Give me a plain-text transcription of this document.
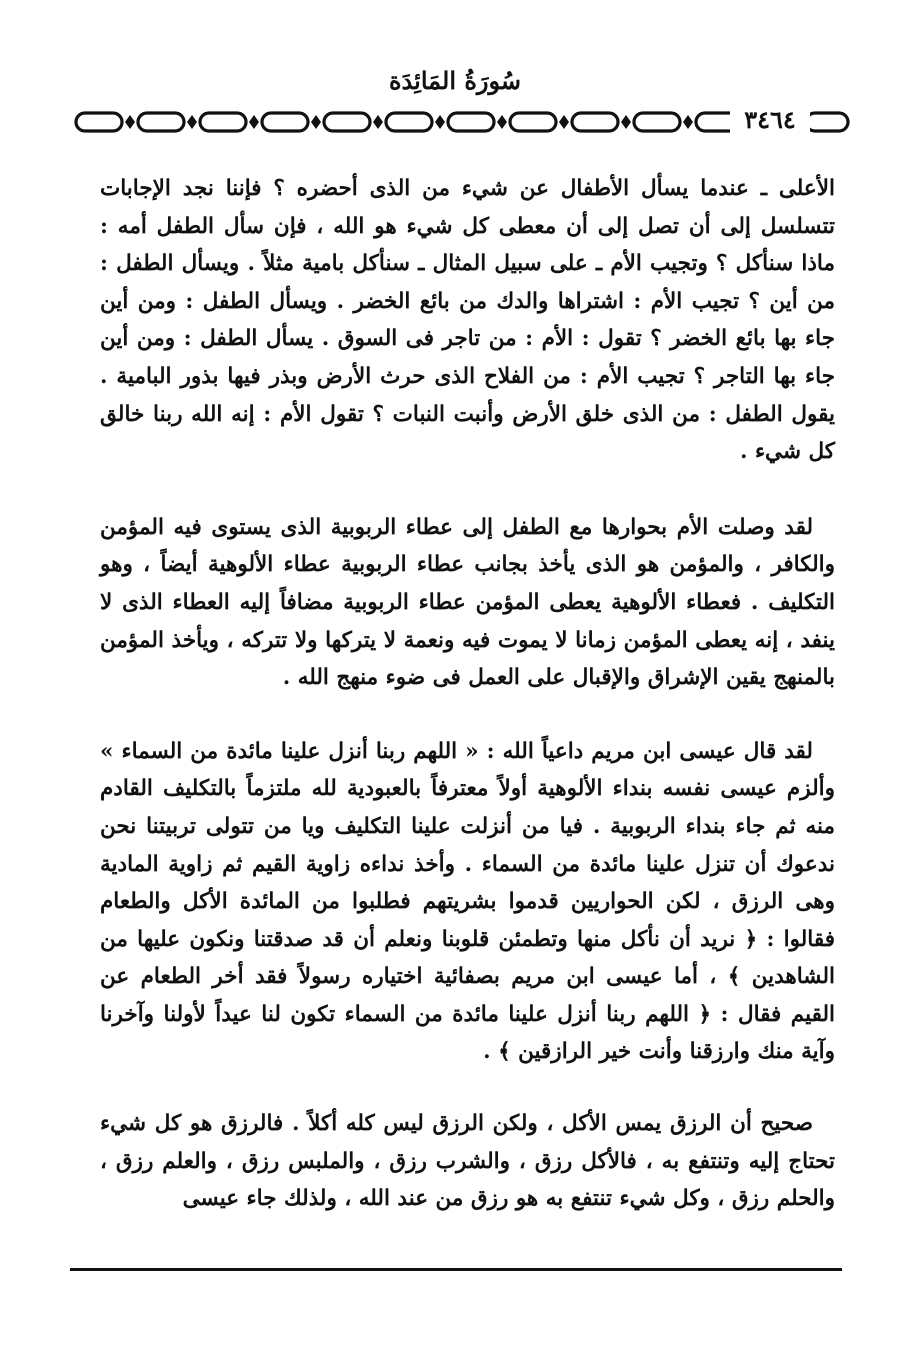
سُورَةُ المَائِدَة
٣٤٦٤

الأعلى ـ عندما يسأل الأطفال عن شيء من الذى أحضره ؟ فإننا نجد الإجابات تتسلسل إلى أن تصل إلى أن معطى كل شيء هو الله ، فإن سأل الطفل أمه : ماذا سنأكل ؟ وتجيب الأم ـ على سبيل المثال ـ سنأكل بامية مثلاً . ويسأل الطفل : من أين ؟ تجيب الأم : اشتراها والدك من بائع الخضر . ويسأل الطفل : ومن أين جاء بها بائع الخضر ؟ تقول : الأم : من تاجر فى السوق . يسأل الطفل : ومن أين جاء بها التاجر ؟ تجيب الأم : من الفلاح الذى حرث الأرض وبذر فيها بذور البامية . يقول الطفل : من الذى خلق الأرض وأنبت النبات ؟ تقول الأم : إنه الله ربنا خالق كل شيء .

لقد وصلت الأم بحوارها مع الطفل إلى عطاء الربوبية الذى يستوى فيه المؤمن والكافر ، والمؤمن هو الذى يأخذ بجانب عطاء الربوبية عطاء الألوهية أيضاً ، وهو التكليف . فعطاء الألوهية يعطى المؤمن عطاء الربوبية مضافاً إليه العطاء الذى لا ينفد ، إنه يعطى المؤمن زمانا لا يموت فيه ونعمة لا يتركها ولا تتركه ، ويأخذ المؤمن بالمنهج يقين الإشراق والإقبال على العمل فى ضوء منهج الله .

لقد قال عيسى ابن مريم داعياً الله : « اللهم ربنا أنزل علينا مائدة من السماء » وألزم عيسى نفسه بنداء الألوهية أولاً معترفاً بالعبودية لله ملتزماً بالتكليف القادم منه ثم جاء بنداء الربوبية . فيا من أنزلت علينا التكليف ويا من تتولى تربيتنا نحن ندعوك أن تنزل علينا مائدة من السماء . وأخذ نداءه زاوية القيم ثم زاوية المادية وهى الرزق ، لكن الحواريين قدموا بشريتهم فطلبوا من المائدة الأكل والطعام فقالوا : ﴿ نريد أن نأكل منها وتطمئن قلوبنا ونعلم أن قد صدقتنا ونكون عليها من الشاهدين ﴾ ، أما عيسى ابن مريم بصفائية اختياره رسولاً فقد أخر الطعام عن القيم فقال : ﴿ اللهم ربنا أنزل علينا مائدة من السماء تكون لنا عيداً لأولنا وآخرنا وآية منك وارزقنا وأنت خير الرازقين ﴾ .

صحيح أن الرزق يمس الأكل ، ولكن الرزق ليس كله أكلاً . فالرزق هو كل شيء تحتاج إليه وتنتفع به ، فالأكل رزق ، والشرب رزق ، والملبس رزق ، والعلم رزق ، والحلم رزق ، وكل شيء تنتفع به هو رزق من عند الله ، ولذلك جاء عيسى
